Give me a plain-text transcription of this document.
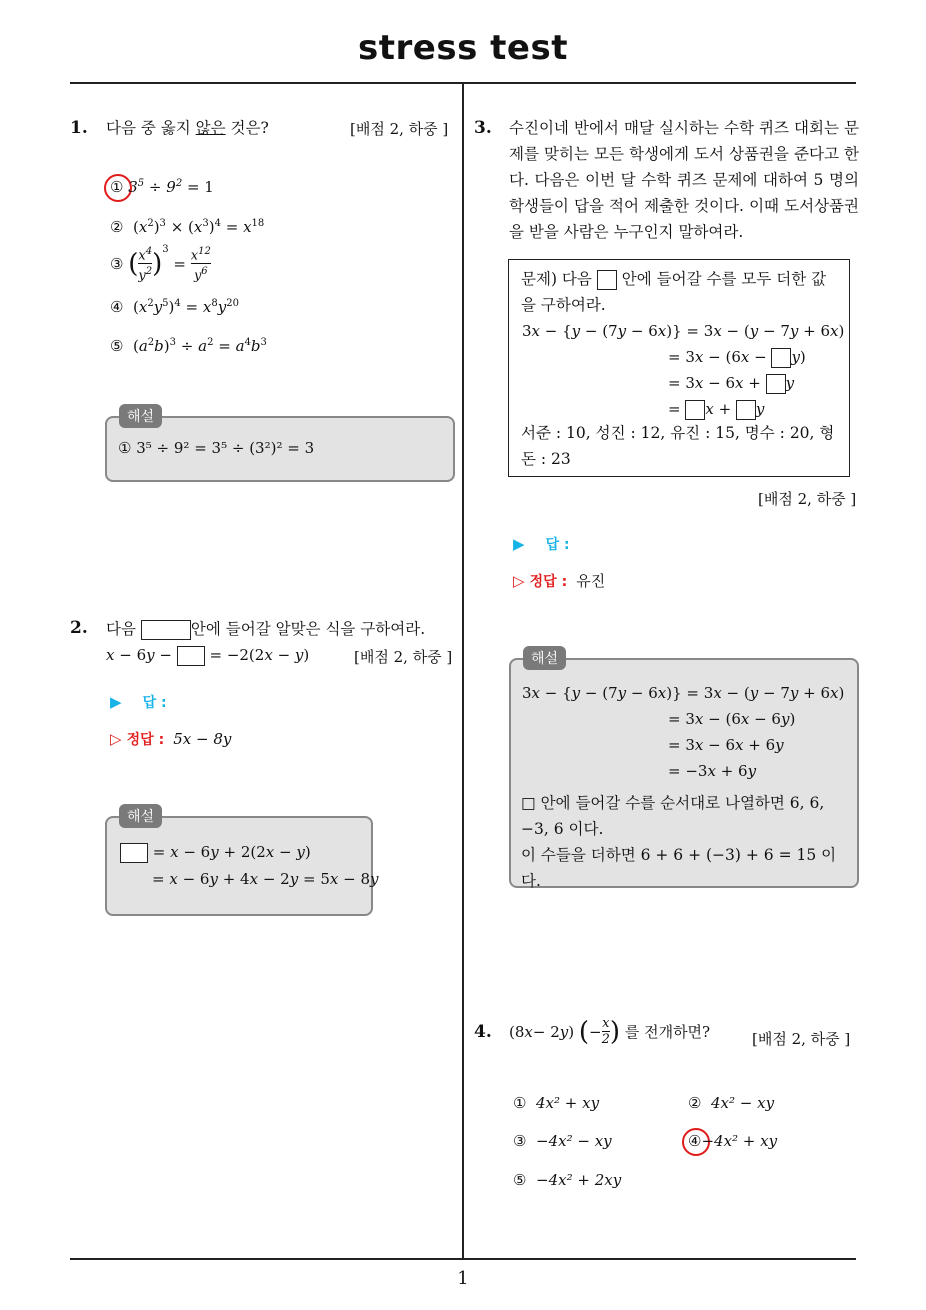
stress test
1
1. 다음 중 옳지 않은 것은?	[배점 2, 하중 ]
① $3^5 \div 9^2 = 1$
②  $(x^2)^3 \times (x^3)^4 = x^{18}$
③
( $\frac{x^4}{y^2} )^3$
= $\frac{x^{12}}{y^6}$
④  $(x^2y^5)^4 = x^8y^{20}$
⑤  $(a^2b)^3 \div a^2 = a^4b^3$
해설
① 3⁵ ÷ 9² = 3⁵ ÷ (3²)² = 3
2. 다음	안에 들어갈 알맞은 식을 구하여라.
x − 6y −  = −2(2x − y)	[배점 2, 하중 ]
▶ 답 :
▷ 정답 : 5x − 8y
해설
= x − 6y + 2(2x − y)
= x − 6y + 4x − 2y = 5x − 8y
3. 수진이네 반에서 매달 실시하는 수학 퀴즈 대회는 문제를 맞히는 모든 학생에게 도서 상품권을 준다고 한다. 다음은 이번 달 수학 퀴즈 문제에 대하여 5 명의 학생들이 답을 적어 제출한 것이다. 이때 도서상품권을 받을 사람은 누구인지 말하여라.
문제) 다음 안에 들어갈 수를 모두 더한 값을 구하여라.
3x − {y − (7y − 6x)} = 3x − (y − 7y + 6x)
= 3x − (6x − y)
= 3x − 6x + y
= x + y
서준 : 10, 성진 : 12, 유진 : 15, 명수 : 20, 형돈 : 23
[배점 2, 하중 ]
▶ 답 :
▷ 정답 : 유진
해설
3x − {y − (7y − 6x)} = 3x − (y − 7y + 6x)
= 3x − (6x − 6y)
= 3x − 6x + 6y
= −3x + 6y
□ 안에 들어갈 수를 순서대로 나열하면 6, 6, −3, 6 이다.
이 수들을 더하면 6 + 6 + (−3) + 6 = 15 이다.
4. (8 x − 2 y ) ( − $\frac{x}{2}$ )
를 전개하면?	[배점 2, 하중 ]
① 4x² + xy	② 4x² − xy
③ −4x² − xy	④−4x² + xy
⑤ −4x² + 2xy
